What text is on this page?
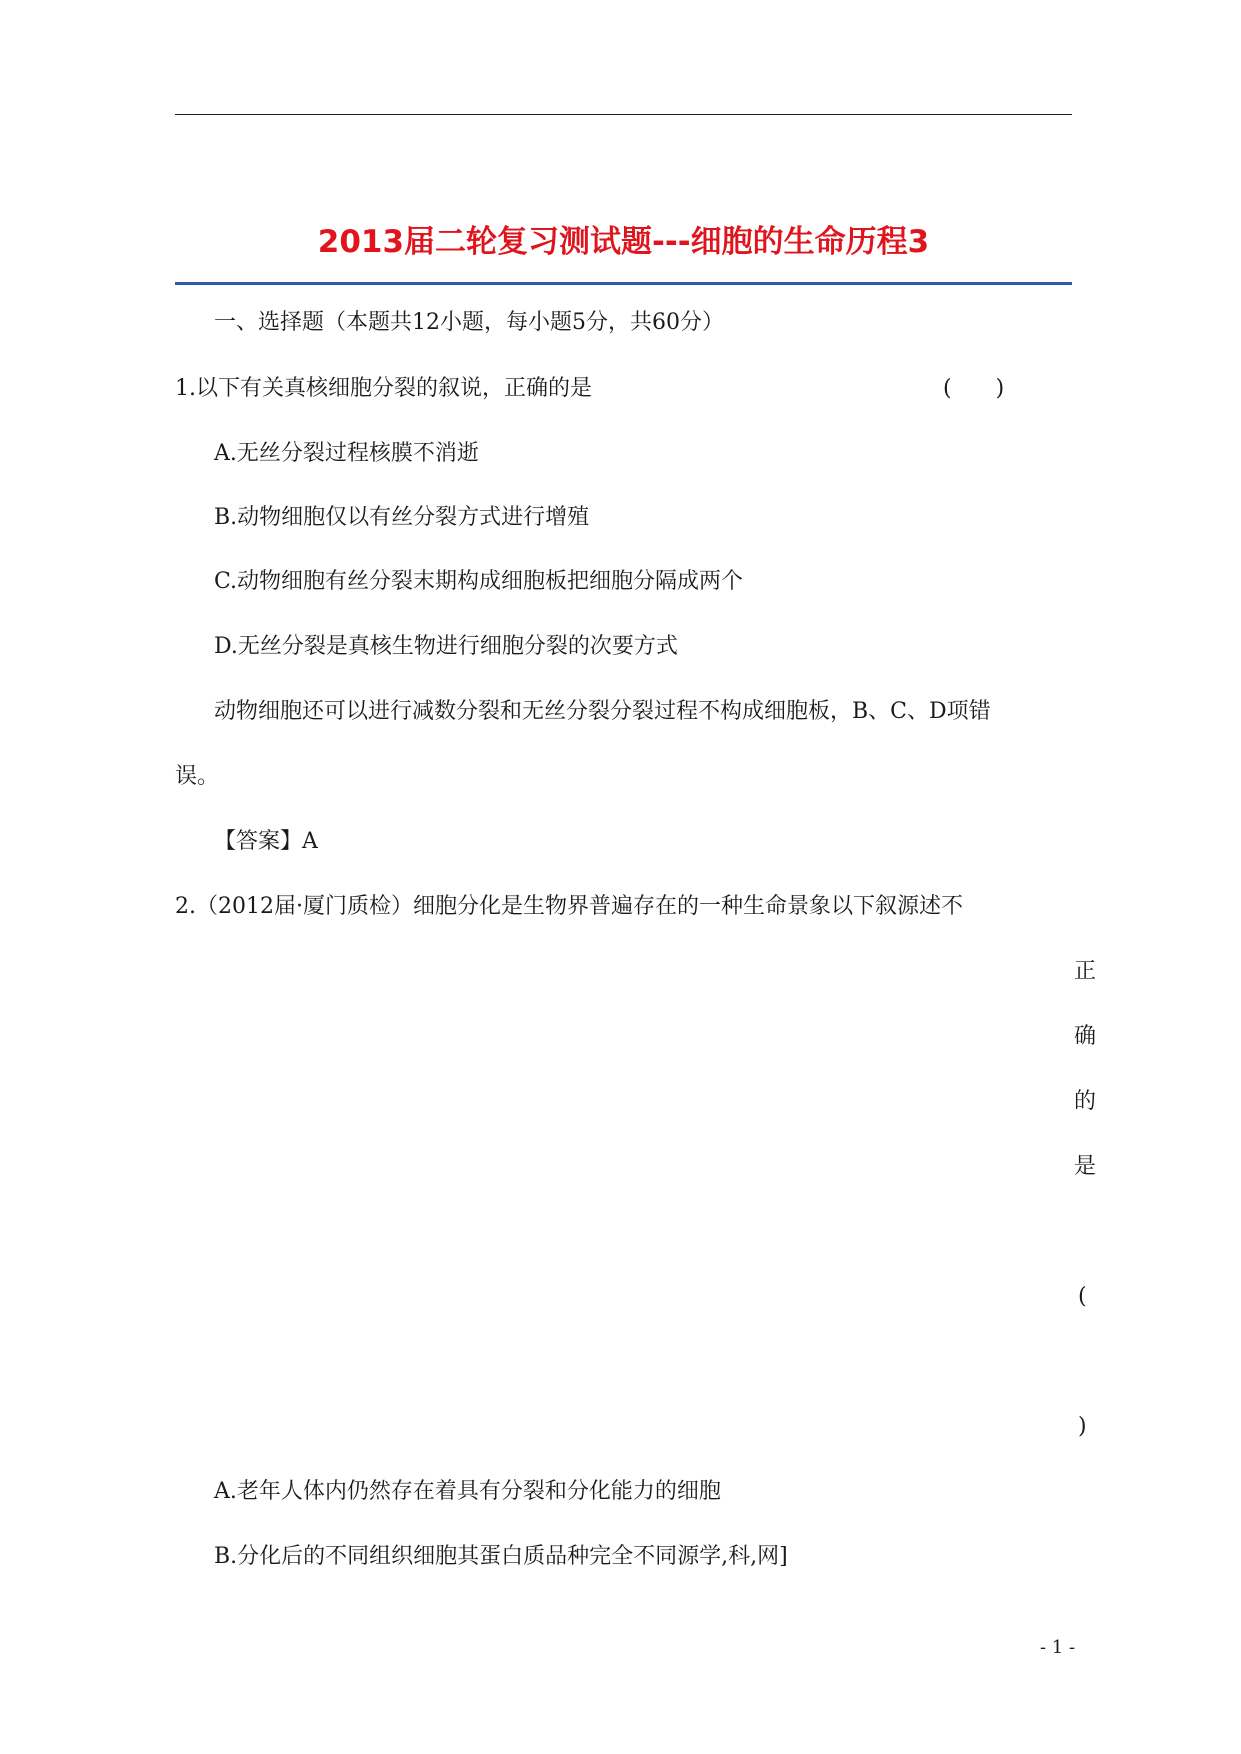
2013届二轮复习测试题---细胞的生命历程3
一、选择题（本题共12小题，每小题5分，共60分）
1.以下有关真核细胞分裂的叙说，正确的是	(　　)
A.无丝分裂过程核膜不消逝
B.动物细胞仅以有丝分裂方式进行增殖
C.动物细胞有丝分裂末期构成细胞板把细胞分隔成两个
D.无丝分裂是真核生物进行细胞分裂的次要方式
动物细胞还可以进行减数分裂和无丝分裂分裂过程不构成细胞板，B、C、D项错
误。
【答案】A
2.（2012届·厦门质检）细胞分化是生物界普遍存在的一种生命景象以下叙源述不
正
确
的
是
(
)
A.老年人体内仍然存在着具有分裂和分化能力的细胞
B.分化后的不同组织细胞其蛋白质品种完全不同源学,科,网]
- 1 -
